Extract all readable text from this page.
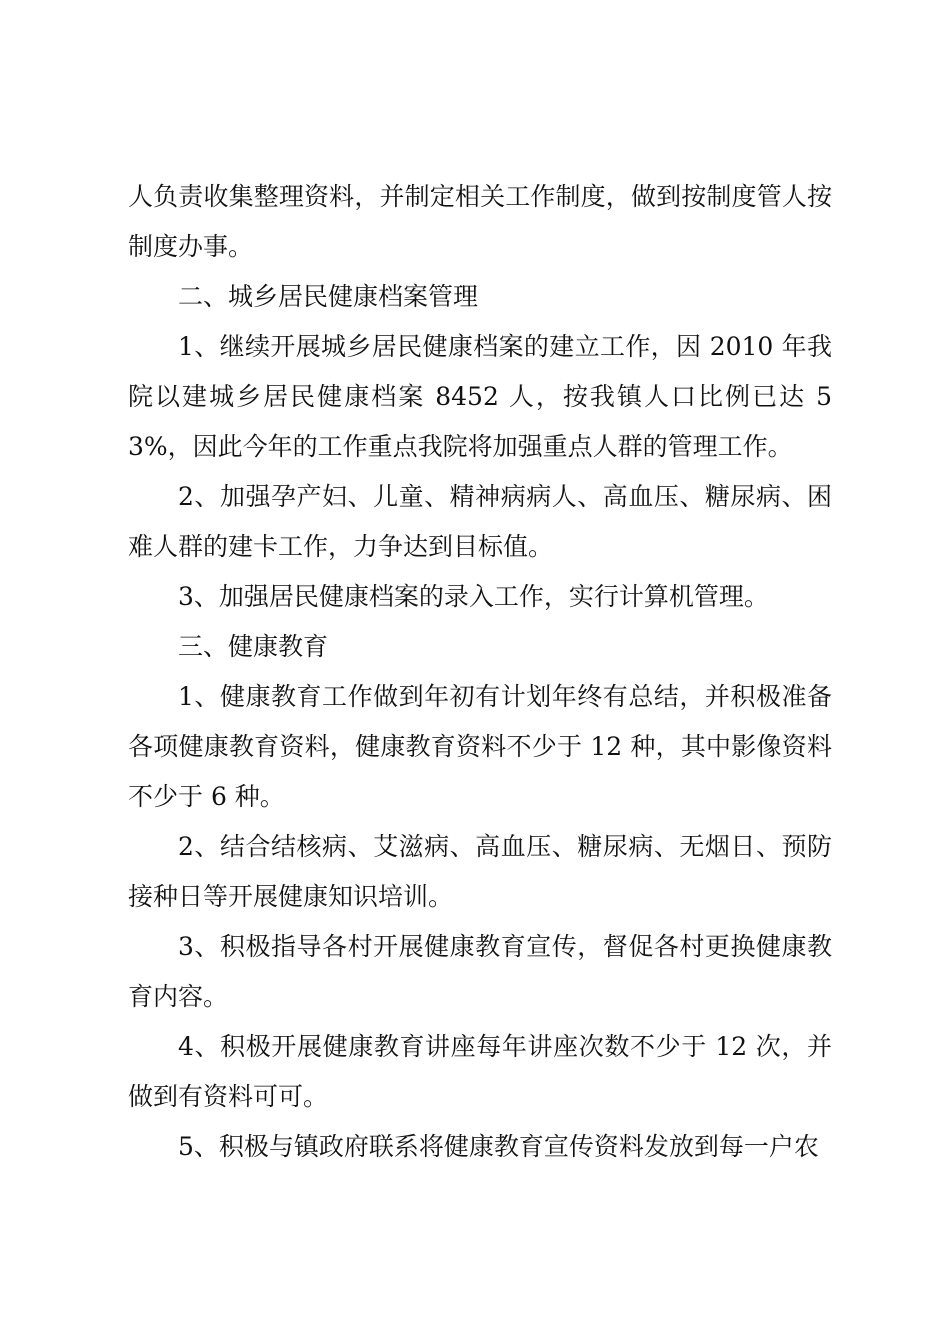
人负责收集整理资料，并制定相关工作制度，做到按制度管人按制度办事。

二、城乡居民健康档案管理

1、继续开展城乡居民健康档案的建立工作，因 2010 年我院以建城乡居民健康档案 8452 人，按我镇人口比例已达 53%，因此今年的工作重点我院将加强重点人群的管理工作。

2、加强孕产妇、儿童、精神病病人、高血压、糖尿病、困难人群的建卡工作，力争达到目标值。

3、加强居民健康档案的录入工作，实行计算机管理。

三、健康教育

1、健康教育工作做到年初有计划年终有总结，并积极准备各项健康教育资料，健康教育资料不少于 12 种，其中影像资料不少于 6 种。

2、结合结核病、艾滋病、高血压、糖尿病、无烟日、预防接种日等开展健康知识培训。

3、积极指导各村开展健康教育宣传，督促各村更换健康教育内容。

4、积极开展健康教育讲座每年讲座次数不少于 12 次，并做到有资料可可。

5、积极与镇政府联系将健康教育宣传资料发放到每一户农
